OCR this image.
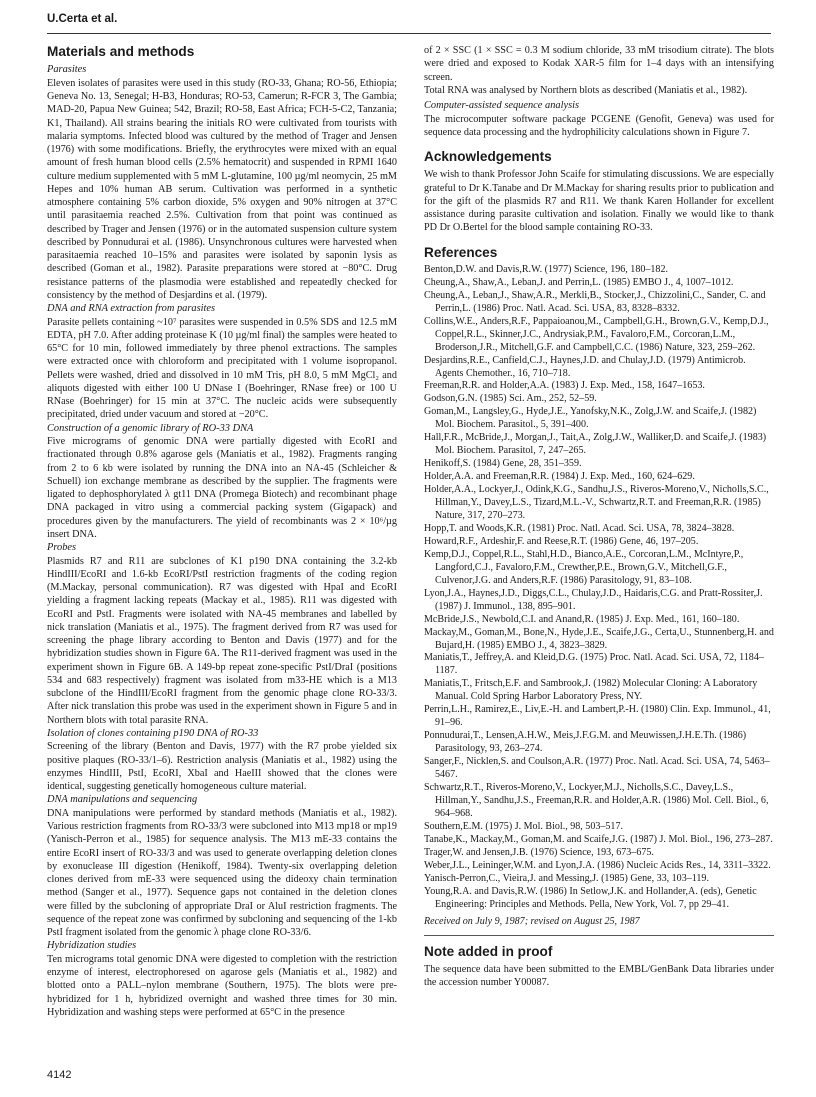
U.Certa et al.
Materials and methods
Parasites

Eleven isolates of parasites were used in this study (RO-33, Ghana; RO-56, Ethiopia; Geneva No. 13, Senegal; H-B3, Honduras; RO-53, Camerun; R-FCR 3, The Gambia; MAD-20, Papua New Guinea; 542, Brazil; RO-58, East Africa; FCH-5-C2, Tanzania; K1, Thailand). All strains bearing the initials RO were cultivated from tourists with malaria symptoms. Infected blood was cultured by the method of Trager and Jensen (1976) with some modifications. Briefly, the erythrocytes were mixed with an equal amount of fresh human blood cells (2.5% hematocrit) and suspended in RPMI 1640 culture medium supplemented with 5 mM L-glutamine, 100 µg/ml neomycin, 25 mM Hepes and 10% human AB serum. Cultivation was performed in a synthetic atmosphere containing 5% carbon dioxide, 5% oxygen and 90% nitrogen at 37°C until parasitaemia reached 2.5%. Cultivation from that point was continued as described by Trager and Jensen (1976) or in the automated suspension culture system described by Ponnudurai et al. (1986). Unsynchronous cultures were harvested when parasitaemia reached 10–15% and parasites were isolated by saponin lysis as described (Goman et al., 1982). Parasite preparations were stored at −80°C. Drug resistance patterns of the plasmodia were established and repeatedly checked for consistency by the method of Desjardins et al. (1979).

DNA and RNA extraction from parasites

Parasite pellets containing ~10⁷ parasites were suspended in 0.5% SDS and 12.5 mM EDTA, pH 7.0. After adding proteinase K (10 µg/ml final) the samples were heated to 65°C for 10 min, followed immediately by three phenol extractions. The samples were extracted once with chloroform and precipitated with 1 volume isopropanol. Pellets were washed, dried and dissolved in 10 mM Tris, pH 8.0, 5 mM MgCl₂ and aliquots digested with either 100 U DNase I (Boehringer, RNase free) or 100 U RNase (Boehringer) for 15 min at 37°C. The nucleic acids were subsequently precipitated, dried under vacuum and stored at −20°C.

Construction of a genomic library of RO-33 DNA

Five micrograms of genomic DNA were partially digested with EcoRI and fractionated through 0.8% agarose gels (Maniatis et al., 1982). Fragments ranging from 2 to 6 kb were isolated by running the DNA into an NA-45 (Schleicher & Schuell) ion exchange membrane as described by the supplier. The fragments were ligated to dephosphorylated λ gt11 DNA (Promega Biotech) and recombinant phage DNA packaged in vitro using a commercial packing system (Gigapack) and procedures given by the manufacturers. The yield of recombinants was 2 × 10⁶/µg insert DNA.

Probes

Plasmids R7 and R11 are subclones of K1 p190 DNA containing the 3.2-kb HindIII/EcoRI and 1.6-kb EcoRI/PstI restriction fragments of the coding region (M.Mackay, personal communication). R7 was digested with HpaI and EcoRI yielding a fragment lacking repeats (Mackay et al., 1985). R11 was digested with EcoRI and PstI. Fragments were isolated with NA-45 membranes and labelled by nick translation (Maniatis et al., 1975). The fragment derived from R7 was used for screening the phage library according to Benton and Davis (1977) and for the hybridization studies shown in Figure 6A. The R11-derived fragment was used in the experiment shown in Figure 6B. A 149-bp repeat zone-specific PstI/DraI (positions 534 and 683 respectively) fragment was isolated from m33-HE which is a M13 subclone of the HindIII/EcoRI fragment from the genomic phage clone RO-33/3. After nick translation this probe was used in the experiment shown in Figure 5 and in Northern blots with total parasite RNA.

Isolation of clones containing p190 DNA of RO-33

Screening of the library (Benton and Davis, 1977) with the R7 probe yielded six positive plaques (RO-33/1–6). Restriction analysis (Maniatis et al., 1982) using the enzymes HindIII, PstI, EcoRI, XbaI and HaeIII showed that the clones were identical, suggesting genetically homogeneous culture material.

DNA manipulations and sequencing

DNA manipulations were performed by standard methods (Maniatis et al., 1982). Various restriction fragments from RO-33/3 were subcloned into M13 mp18 or mp19 (Yanisch-Perron et al., 1985) for sequence analysis. The M13 mE-33 contains the entire EcoRI insert of RO-33/3 and was used to generate overlapping deletion clones by exonuclease III digestion (Henikoff, 1984). Twenty-six overlapping deletion clones derived from mE-33 were sequenced using the dideoxy chain termination method (Sanger et al., 1977). Sequence gaps not contained in the deletion clones were filled by the subcloning of appropriate DraI or AluI restriction fragments. The sequence of the repeat zone was confirmed by subcloning and sequencing of the 1-kb PstI fragment isolated from the genomic λ phage clone RO-33/6.

Hybridization studies

Ten micrograms total genomic DNA were digested to completion with the restriction enzyme of interest, electrophoresed on agarose gels (Maniatis et al., 1982) and blotted onto a PALL–nylon membrane (Southern, 1975). The blots were pre-hybridized for 1 h, hybridized overnight and washed three times for 30 min. Hybridization and washing steps were performed at 65°C in the presence

of 2 × SSC (1 × SSC = 0.3 M sodium chloride, 33 mM trisodium citrate). The blots were dried and exposed to Kodak XAR-5 film for 1–4 days with an intensifying screen.

Total RNA was analysed by Northern blots as described (Maniatis et al., 1982).

Computer-assisted sequence analysis

The microcomputer software package PCGENE (Genofit, Geneva) was used for sequence data processing and the hydrophilicity calculations shown in Figure 7.

Acknowledgements

We wish to thank Professor John Scaife for stimulating discussions. We are especially grateful to Dr K.Tanabe and Dr M.Mackay for sharing results prior to publication and for the gift of the plasmids R7 and R11. We thank Karen Hollander for excellent assistance during parasite cultivation and isolation. Finally we would like to thank PD Dr O.Bertel for the blood sample containing RO-33.

References
Benton,D.W. and Davis,R.W. (1977) Science, 196, 180–182.
Cheung,A., Shaw,A., Leban,J. and Perrin,L. (1985) EMBO J., 4, 1007–1012.
Cheung,A., Leban,J., Shaw,A.R., Merkli,B., Stocker,J., Chizzolini,C., Sander, C. and Perrin,L. (1986) Proc. Natl. Acad. Sci. USA, 83, 8328–8332.
Collins,W.E., Anders,R.F., Pappaioanou,M., Campbell,G.H., Brown,G.V., Kemp,D.J., Coppel,R.L., Skinner,J.C., Andrysiak,P.M., Favaloro,F.M., Corcoran,L.M., Broderson,J.R., Mitchell,G.F. and Campbell,C.C. (1986) Nature, 323, 259–262.
Desjardins,R.E., Canfield,C.J., Haynes,J.D. and Chulay,J.D. (1979) Antimicrob. Agents Chemother., 16, 710–718.
Freeman,R.R. and Holder,A.A. (1983) J. Exp. Med., 158, 1647–1653.
Godson,G.N. (1985) Sci. Am., 252, 52–59.
Goman,M., Langsley,G., Hyde,J.E., Yanofsky,N.K., Zolg,J.W. and Scaife,J. (1982) Mol. Biochem. Parasitol., 5, 391–400.
Hall,F.R., McBride,J., Morgan,J., Tait,A., Zolg,J.W., Walliker,D. and Scaife,J. (1983) Mol. Biochem. Parasitol, 7, 247–265.
Henikoff,S. (1984) Gene, 28, 351–359.
Holder,A.A. and Freeman,R.R. (1984) J. Exp. Med., 160, 624–629.
Holder,A.A., Lockyer,J., Odink,K.G., Sandhu,J.S., Riveros-Moreno,V., Nicholls,S.C., Hillman,Y., Davey,L.S., Tizard,M.L.-V., Schwartz,R.T. and Freeman,R.R. (1985) Nature, 317, 270–273.
Hopp,T. and Woods,K.R. (1981) Proc. Natl. Acad. Sci. USA, 78, 3824–3828.
Howard,R.F., Ardeshir,F. and Reese,R.T. (1986) Gene, 46, 197–205.
Kemp,D.J., Coppel,R.L., Stahl,H.D., Bianco,A.E., Corcoran,L.M., McIntyre,P., Langford,C.J., Favaloro,F.M., Crewther,P.E., Brown,G.V., Mitchell,G.F., Culvenor,J.G. and Anders,R.F. (1986) Parasitology, 91, 83–108.
Lyon,J.A., Haynes,J.D., Diggs,C.L., Chulay,J.D., Haidaris,C.G. and Pratt-Rossiter,J. (1987) J. Immunol., 138, 895–901.
McBride,J.S., Newbold,C.I. and Anand,R. (1985) J. Exp. Med., 161, 160–180.
Mackay,M., Goman,M., Bone,N., Hyde,J.E., Scaife,J.G., Certa,U., Stunnenberg,H. and Bujard,H. (1985) EMBO J., 4, 3823–3829.
Maniatis,T., Jeffrey,A. and Kleid,D.G. (1975) Proc. Natl. Acad. Sci. USA, 72, 1184–1187.
Maniatis,T., Fritsch,E.F. and Sambrook,J. (1982) Molecular Cloning: A Laboratory Manual. Cold Spring Harbor Laboratory Press, NY.
Perrin,L.H., Ramirez,E., Liv,E.-H. and Lambert,P.-H. (1980) Clin. Exp. Immunol., 41, 91–96.
Ponnudurai,T., Lensen,A.H.W., Meis,J.F.G.M. and Meuwissen,J.H.E.Th. (1986) Parasitology, 93, 263–274.
Sanger,F., Nicklen,S. and Coulson,A.R. (1977) Proc. Natl. Acad. Sci. USA, 74, 5463–5467.
Schwartz,R.T., Riveros-Moreno,V., Lockyer,M.J., Nicholls,S.C., Davey,L.S., Hillman,Y., Sandhu,J.S., Freeman,R.R. and Holder,A.R. (1986) Mol. Cell. Biol., 6, 964–968.
Southern,E.M. (1975) J. Mol. Biol., 98, 503–517.
Tanabe,K., Mackay,M., Goman,M. and Scaife,J.G. (1987) J. Mol. Biol., 196, 273–287.
Trager,W. and Jensen,J.B. (1976) Science, 193, 673–675.
Weber,J.L., Leininger,W.M. and Lyon,J.A. (1986) Nucleic Acids Res., 14, 3311–3322.
Yanisch-Perron,C., Vieira,J. and Messing,J. (1985) Gene, 33, 103–119.
Young,R.A. and Davis,R.W. (1986) In Setlow,J.K. and Hollander,A. (eds), Genetic Engineering: Principles and Methods. Pella, New York, Vol. 7, pp 29–41.

Received on July 9, 1987; revised on August 25, 1987

Note added in proof

The sequence data have been submitted to the EMBL/GenBank Data libraries under the accession number Y00087.

4142
